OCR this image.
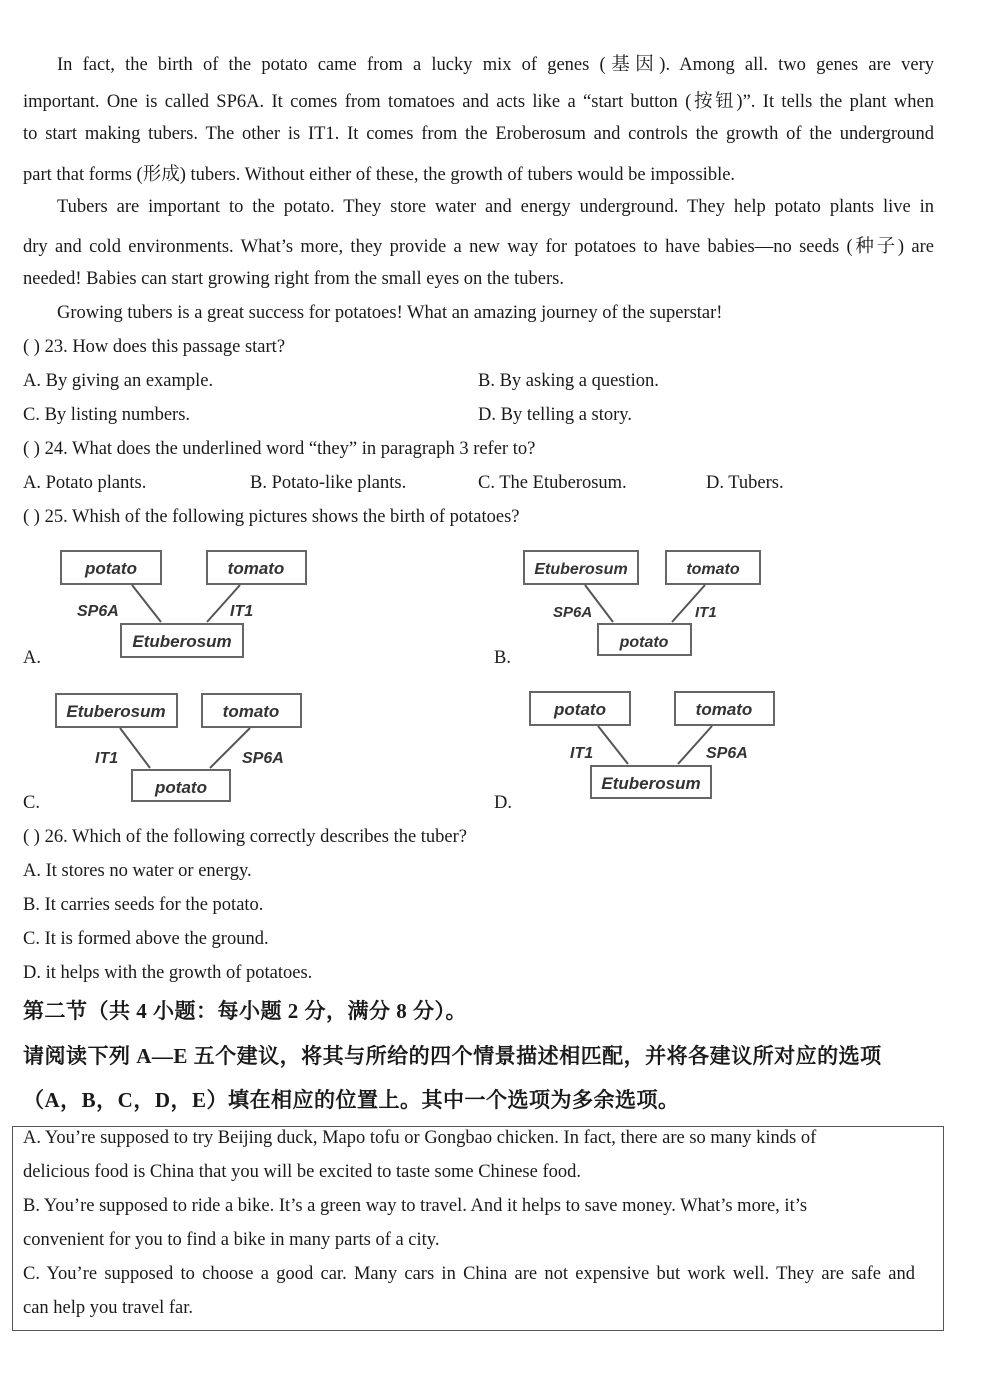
In fact, the birth of the potato came from a lucky mix of genes (基因). Among all. two genes are very
important. One is called SP6A. It comes from tomatoes and acts like a “start button (按钮)”. It tells the plant when
to start making tubers. The other is IT1. It comes from the Eroberosum and controls the growth of the underground
part that forms (形成) tubers. Without either of these, the growth of tubers would be impossible.
Tubers are important to the potato. They store water and energy underground. They help potato plants live in
dry and cold environments. What’s more, they provide a new way for potatoes to have babies—no seeds (种子) are
needed! Babies can start growing right from the small eyes on the tubers.
Growing tubers is a great success for potatoes! What an amazing journey of the superstar!
( ) 23. How does this passage start?
A. By giving an example.	B. By asking a question.
C. By listing numbers.	D. By telling a story.
( ) 24. What does the underlined word “they” in paragraph 3 refer to?
A. Potato plants.	B. Potato-like plants.	C. The Etuberosum.	D. Tubers.
( ) 25. Whish of the following pictures shows the birth of potatoes?
A.
potato	tomato
Etuberosum
SP6A	IT1
B.
Etuberosum	tomato
potato
SP6A	IT1
C.
Etuberosum	tomato
potato
IT1	SP6A
D.
potato	tomato
Etuberosum
IT1	SP6A
( ) 26. Which of the following correctly describes the tuber?
A. It stores no water or energy.
B. It carries seeds for the potato.
C. It is formed above the ground.
D. it helps with the growth of potatoes.
第二节（共 4 小题：每小题 2 分，满分 8 分）。
请阅读下列 A—E 五个建议，将其与所给的四个情景描述相匹配，并将各建议所对应的选项
（A，B，C，D，E）填在相应的位置上。其中一个选项为多余选项。
A. You’re supposed to try Beijing duck, Mapo tofu or Gongbao chicken. In fact, there are so many kinds of
delicious food is China that you will be excited to taste some Chinese food.
B. You’re supposed to ride a bike. It’s a green way to travel. And it helps to save money. What’s more, it’s
convenient for you to find a bike in many parts of a city.
C. You’re supposed to choose a good car. Many cars in China are not expensive but work well. They are safe and
can help you travel far.
